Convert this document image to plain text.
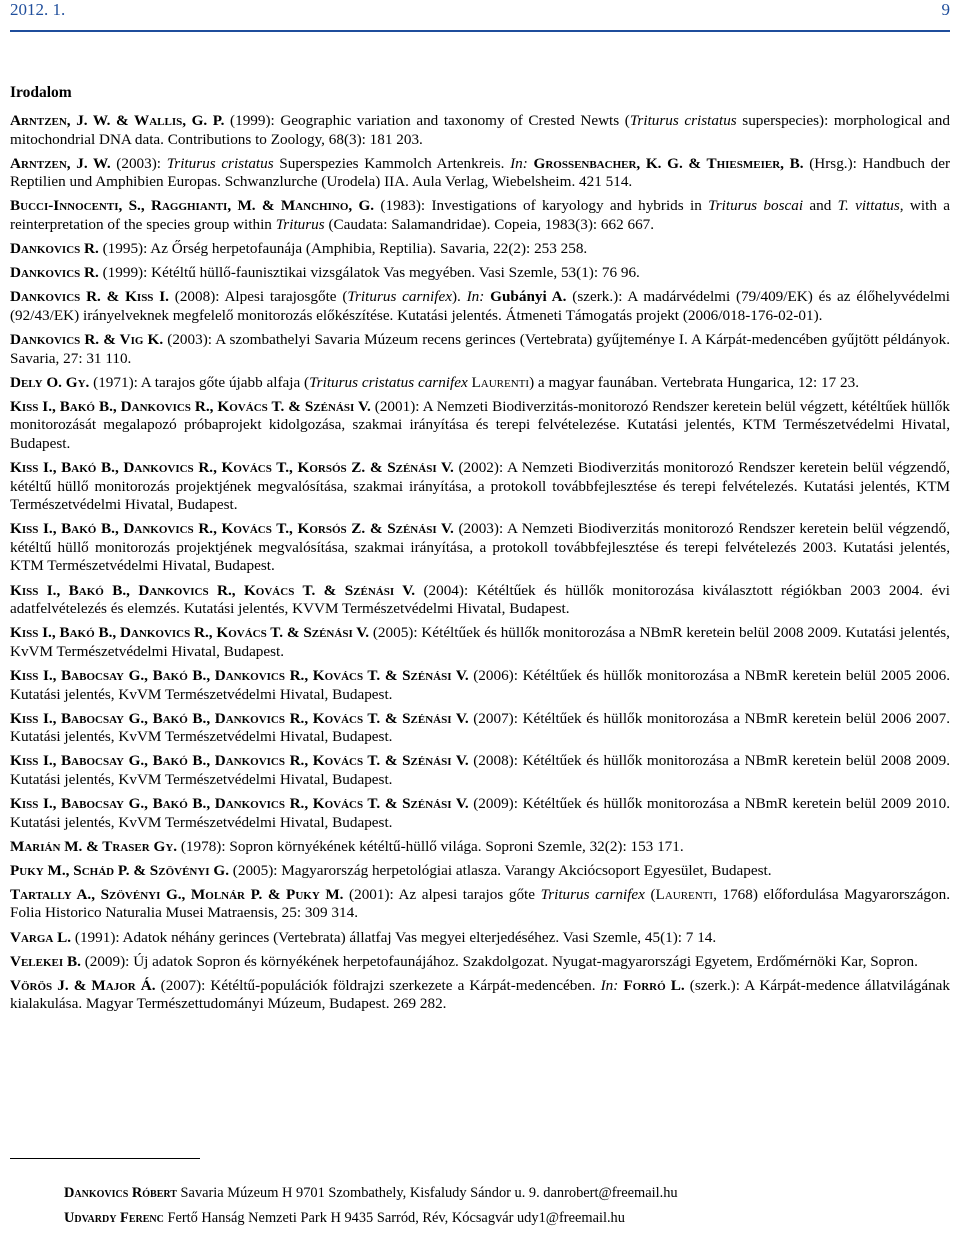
2012. 1.	9
Irodalom

Arntzen, J. W. & Wallis, G. P. (1999): Geographic variation and taxonomy of Crested Newts (Triturus cristatus superspecies): morphological and mitochondrial DNA data. Contributions to Zoology, 68(3): 181 203.

Arntzen, J. W. (2003): Triturus cristatus Superspezies Kammolch Artenkreis. In: Grossenbacher, K. G. & Thiesmeier, B. (Hrsg.): Handbuch der Reptilien und Amphibien Europas. Schwanzlurche (Urodela) IIA. Aula Verlag, Wiebelsheim. 421 514.

Bucci-Innocenti, S., Ragghianti, M. & Manchino, G. (1983): Investigations of karyology and hybrids in Triturus boscai and T. vittatus, with a reinterpretation of the species group within Triturus (Caudata: Salamandridae). Copeia, 1983(3): 662 667.

Dankovics R. (1995): Az Őrség herpetofaunája (Amphibia, Reptilia). Savaria, 22(2): 253 258.

Dankovics R. (1999): Kétéltű hüllő-faunisztikai vizsgálatok Vas megyében. Vasi Szemle, 53(1): 76 96.

Dankovics R. & Kiss I. (2008): Alpesi tarajosgőte (Triturus carnifex). In: Gubányi A. (szerk.): A madárvédelmi (79/409/EK) és az élőhelyvédelmi (92/43/EK) irányelveknek megfelelő monitorozás előkészítése. Kutatási jelentés. Átmeneti Támogatás projekt (2006/018-176-02-01).

Dankovics R. & Vig K. (2003): A szombathelyi Savaria Múzeum recens gerinces (Vertebrata) gyűjteménye I. A Kárpát-medencében gyűjtött példányok. Savaria, 27: 31 110.

Dely O. Gy. (1971): A tarajos gőte újabb alfaja (Triturus cristatus carnifex Laurenti) a magyar faunában. Vertebrata Hungarica, 12: 17 23.

Kiss I., Bakó B., Dankovics R., Kovács T. & Szénási V. (2001): A Nemzeti Biodiverzitás-monitorozó Rendszer keretein belül végzett, kétéltűek hüllők monitorozását megalapozó próbaprojekt kidolgozása, szakmai irányítása és terepi felvételezése. Kutatási jelentés, KTM Természetvédelmi Hivatal, Budapest.

Kiss I., Bakó B., Dankovics R., Kovács T., Korsós Z. & Szénási V. (2002): A Nemzeti Biodiverzitás monitorozó Rendszer keretein belül végzendő, kétéltű hüllő monitorozás projektjének megvalósítása, szakmai irányítása, a protokoll továbbfejlesztése és terepi felvételezés. Kutatási jelentés, KTM Természetvédelmi Hivatal, Budapest.

Kiss I., Bakó B., Dankovics R., Kovács T., Korsós Z. & Szénási V. (2003): A Nemzeti Biodiverzitás monitorozó Rendszer keretein belül végzendő, kétéltű hüllő monitorozás projektjének megvalósítása, szakmai irányítása, a protokoll továbbfejlesztése és terepi felvételezés 2003. Kutatási jelentés, KTM Természetvédelmi Hivatal, Budapest.

Kiss I., Bakó B., Dankovics R., Kovács T. & Szénási V. (2004): Kétéltűek és hüllők monitorozása kiválasztott régiókban 2003 2004. évi adatfelvételezés és elemzés. Kutatási jelentés, KVVM Természetvédelmi Hivatal, Budapest.

Kiss I., Bakó B., Dankovics R., Kovács T. & Szénási V. (2005): Kétéltűek és hüllők monitorozása a NBmR keretein belül 2008 2009. Kutatási jelentés, KvVM Természetvédelmi Hivatal, Budapest.

Kiss I., Babocsay G., Bakó B., Dankovics R., Kovács T. & Szénási V. (2006): Kétéltűek és hüllők monitorozása a NBmR keretein belül 2005 2006. Kutatási jelentés, KvVM Természetvédelmi Hivatal, Budapest.

Kiss I., Babocsay G., Bakó B., Dankovics R., Kovács T. & Szénási V. (2007): Kétéltűek és hüllők monitorozása a NBmR keretein belül 2006 2007. Kutatási jelentés, KvVM Természetvédelmi Hivatal, Budapest.

Kiss I., Babocsay G., Bakó B., Dankovics R., Kovács T. & Szénási V. (2008): Kétéltűek és hüllők monitorozása a NBmR keretein belül 2008 2009. Kutatási jelentés, KvVM Természetvédelmi Hivatal, Budapest.

Kiss I., Babocsay G., Bakó B., Dankovics R., Kovács T. & Szénási V. (2009): Kétéltűek és hüllők monitorozása a NBmR keretein belül 2009 2010. Kutatási jelentés, KvVM Természetvédelmi Hivatal, Budapest.

Marián M. & Traser Gy. (1978): Sopron környékének kétéltű-hüllő világa. Soproni Szemle, 32(2): 153 171.

Puky M., Schád P. & Szövényi G. (2005): Magyarország herpetológiai atlasza. Varangy Akciócsoport Egyesület, Budapest.

Tartally A., Szövényi G., Molnár P. & Puky M. (2001): Az alpesi tarajos gőte Triturus carnifex (Laurenti, 1768) előfordulása Magyarországon. Folia Historico Naturalia Musei Matraensis, 25: 309 314.

Varga L. (1991): Adatok néhány gerinces (Vertebrata) állatfaj Vas megyei elterjedéséhez. Vasi Szemle, 45(1): 7 14.

Velekei B. (2009): Új adatok Sopron és környékének herpetofaunájához. Szakdolgozat. Nyugat-magyarországi Egyetem, Erdőmérnöki Kar, Sopron.

Vörös J. & Major Á. (2007): Kétéltű-populációk földrajzi szerkezete a Kárpát-medencében. In: Forró L. (szerk.): A Kárpát-medence állatvilágának kialakulása. Magyar Természettudományi Múzeum, Budapest. 269 282.

Dankovics Róbert Savaria Múzeum H 9701 Szombathely, Kisfaludy Sándor u. 9. danrobert@freemail.hu
Udvardy Ferenc Fertő Hanság Nemzeti Park H 9435 Sarród, Rév, Kócsagvár udy1@freemail.hu
